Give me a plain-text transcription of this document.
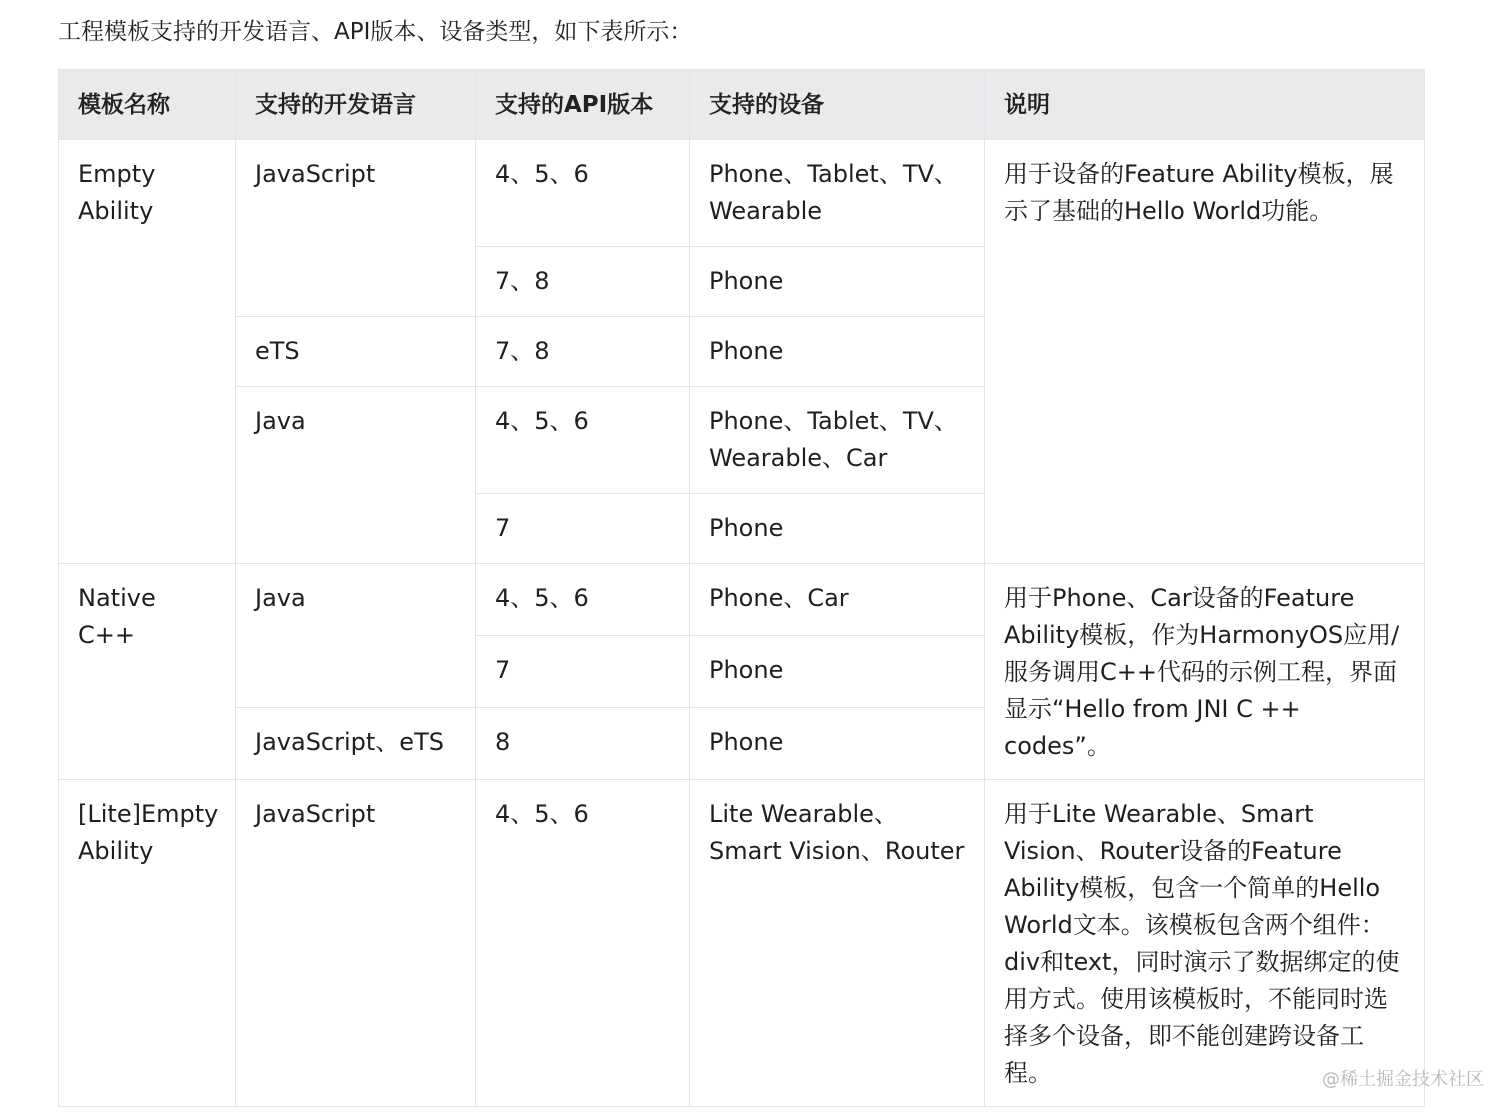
工程模板支持的开发语言、API版本、设备类型，如下表所示：
模板名称	支持的开发语言	支持的API版本	支持的设备	说明
Empty Ability	JavaScript	4、5、6	Phone、Tablet、TV、Wearable	用于设备的Feature Ability模板，展示了基础的Hello World功能。
		7、8	Phone	
	eTS	7、8	Phone	
	Java	4、5、6	Phone、Tablet、TV、Wearable、Car	
		7	Phone	
Native C++	Java	4、5、6	Phone、Car	用于Phone、Car设备的Feature Ability模板，作为HarmonyOS应用/服务调用C++代码的示例工程，界面显示“Hello from JNI C ++ codes”。
		7	Phone	
	JavaScript、eTS	8	Phone	
[Lite]Empty Ability	JavaScript	4、5、6	Lite Wearable、Smart Vision、Router	用于Lite Wearable、Smart Vision、Router设备的Feature Ability模板，包含一个简单的Hello World文本。该模板包含两个组件：div和text，同时演示了数据绑定的使用方式。使用该模板时，不能同时选择多个设备，即不能创建跨设备工程。	@稀土掘金技术社区
